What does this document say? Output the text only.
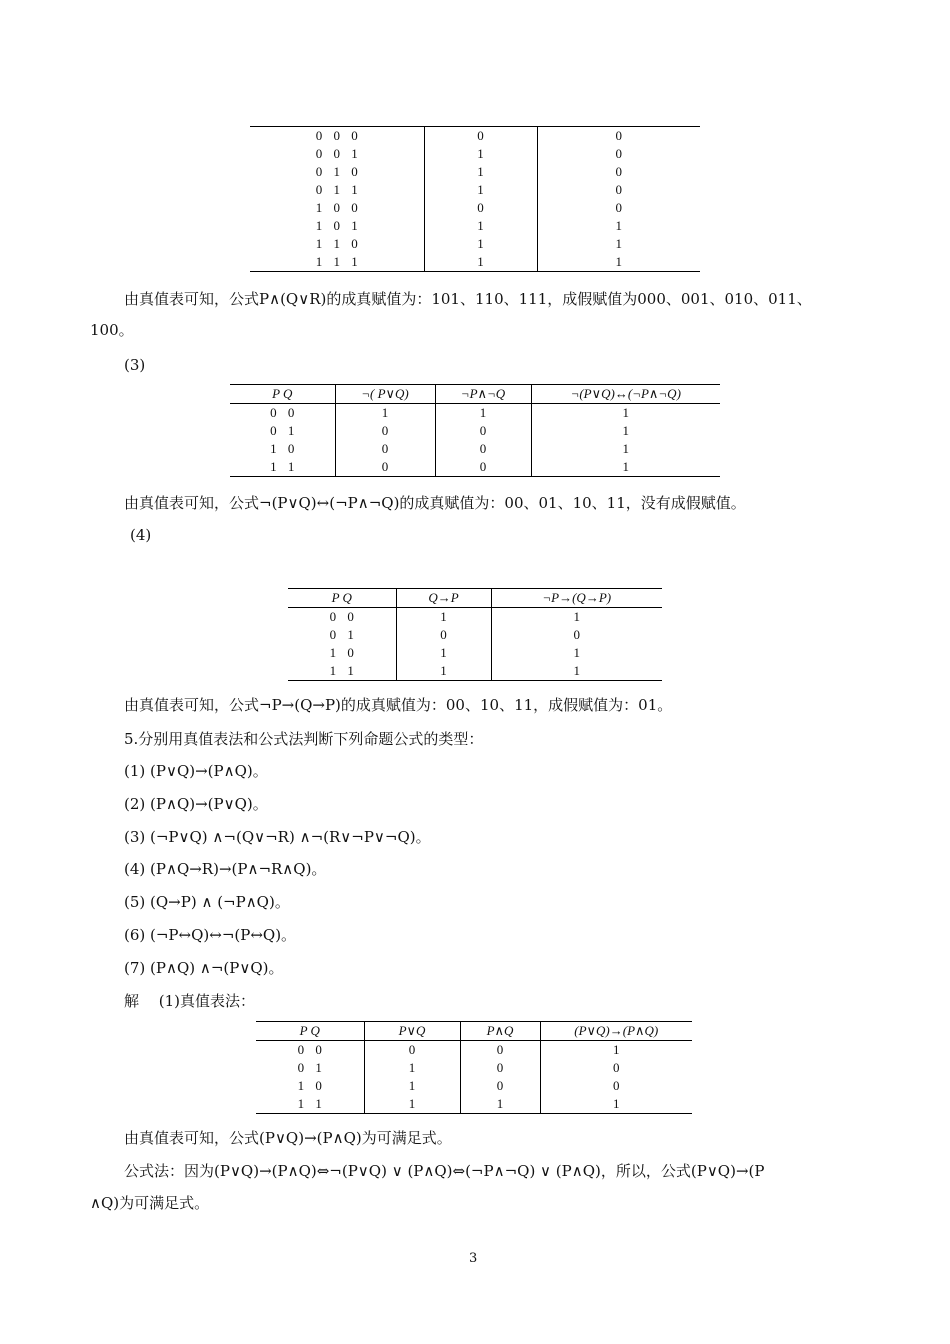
0 0 0	0	0
0 0 1	1	0
0 1 0	1	0
0 1 1	1	0
1 0 0	0	0
1 0 1	1	1
1 1 0	1	1
1 1 1	1	1
由真值表可知，公式P∧(Q∨R)的成真赋值为：101、110、111，成假赋值为000、001、010、011、
100。
(3)
P Q	¬( P∨Q)	¬P∧¬Q	¬(P∨Q)↔(¬P∧¬Q)
0 0	1	1	1
0 1	0	0	1
1 0	0	0	1
1 1	0	0	1
由真值表可知，公式¬(P∨Q)↔(¬P∧¬Q)的成真赋值为：00、01、10、11，没有成假赋值。
(4)
P Q	Q→P	¬P→(Q→P)
0 0	1	1
0 1	0	0
1 0	1	1
1 1	1	1
由真值表可知，公式¬P→(Q→P)的成真赋值为：00、10、11，成假赋值为：01。
5.分别用真值表法和公式法判断下列命题公式的类型：
(1) (P∨Q)→(P∧Q)。
(2) (P∧Q)→(P∨Q)。
(3) (¬P∨Q) ∧¬(Q∨¬R) ∧¬(R∨¬P∨¬Q)。
(4) (P∧Q→R)→(P∧¬R∧Q)。
(5) (Q→P) ∧ (¬P∧Q)。
(6) (¬P↔Q)↔¬(P↔Q)。
(7) (P∧Q) ∧¬(P∨Q)。
解　 (1)真值表法：
P Q	P∨Q	P∧Q	(P∨Q)→(P∧Q)
0 0	0	0	1
0 1	1	0	0
1 0	1	0	0
1 1	1	1	1
由真值表可知，公式(P∨Q)→(P∧Q)为可满足式。
公式法：因为(P∨Q)→(P∧Q)⇔¬(P∨Q) ∨ (P∧Q)⇔(¬P∧¬Q) ∨ (P∧Q)，所以，公式(P∨Q)→(P
∧Q)为可满足式。
3
